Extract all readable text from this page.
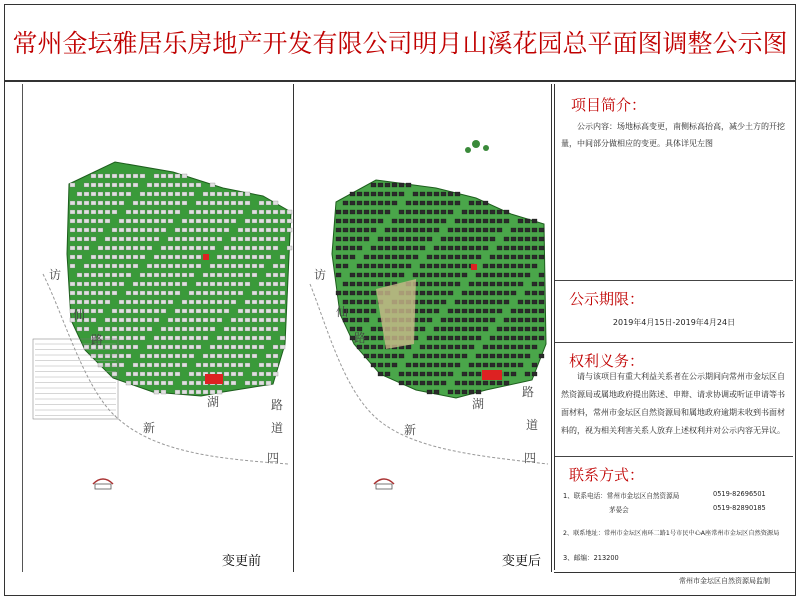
常州金坛雅居乐房地产开发有限公司明月山溪花园总平面图调整公示图
访
仙
路
新
湖	路
道
四
变更前
访
仙
路
新
湖
路
道
四
变更后
项目简介：
公示内容：场地标高变更，南侧标高抬高，减少土方的开挖量，中间部分做相应的变更。具体详见左图
公示期限：
2019年4月15日-2019年4月24日
权利义务：
请与该项目有重大利益关系者在公示期间向常州市金坛区自然资源局或属地政府提出陈述、申辩、请求协调或听证申请等书面材料，常州市金坛区自然资源局和属地政府逾期未收到书面材料的，视为相关利害关系人放弃上述权利并对公示内容无异议。
联系方式：
1、联系电话：常州市金坛区自然资源局	0519-82696501
茅晏会	0519-82890185
2、联系地址：常州市金坛区南环二路1号市民中心A座常州市金坛区自然资源局
3、邮编：213200
常州市金坛区自然资源局监制
